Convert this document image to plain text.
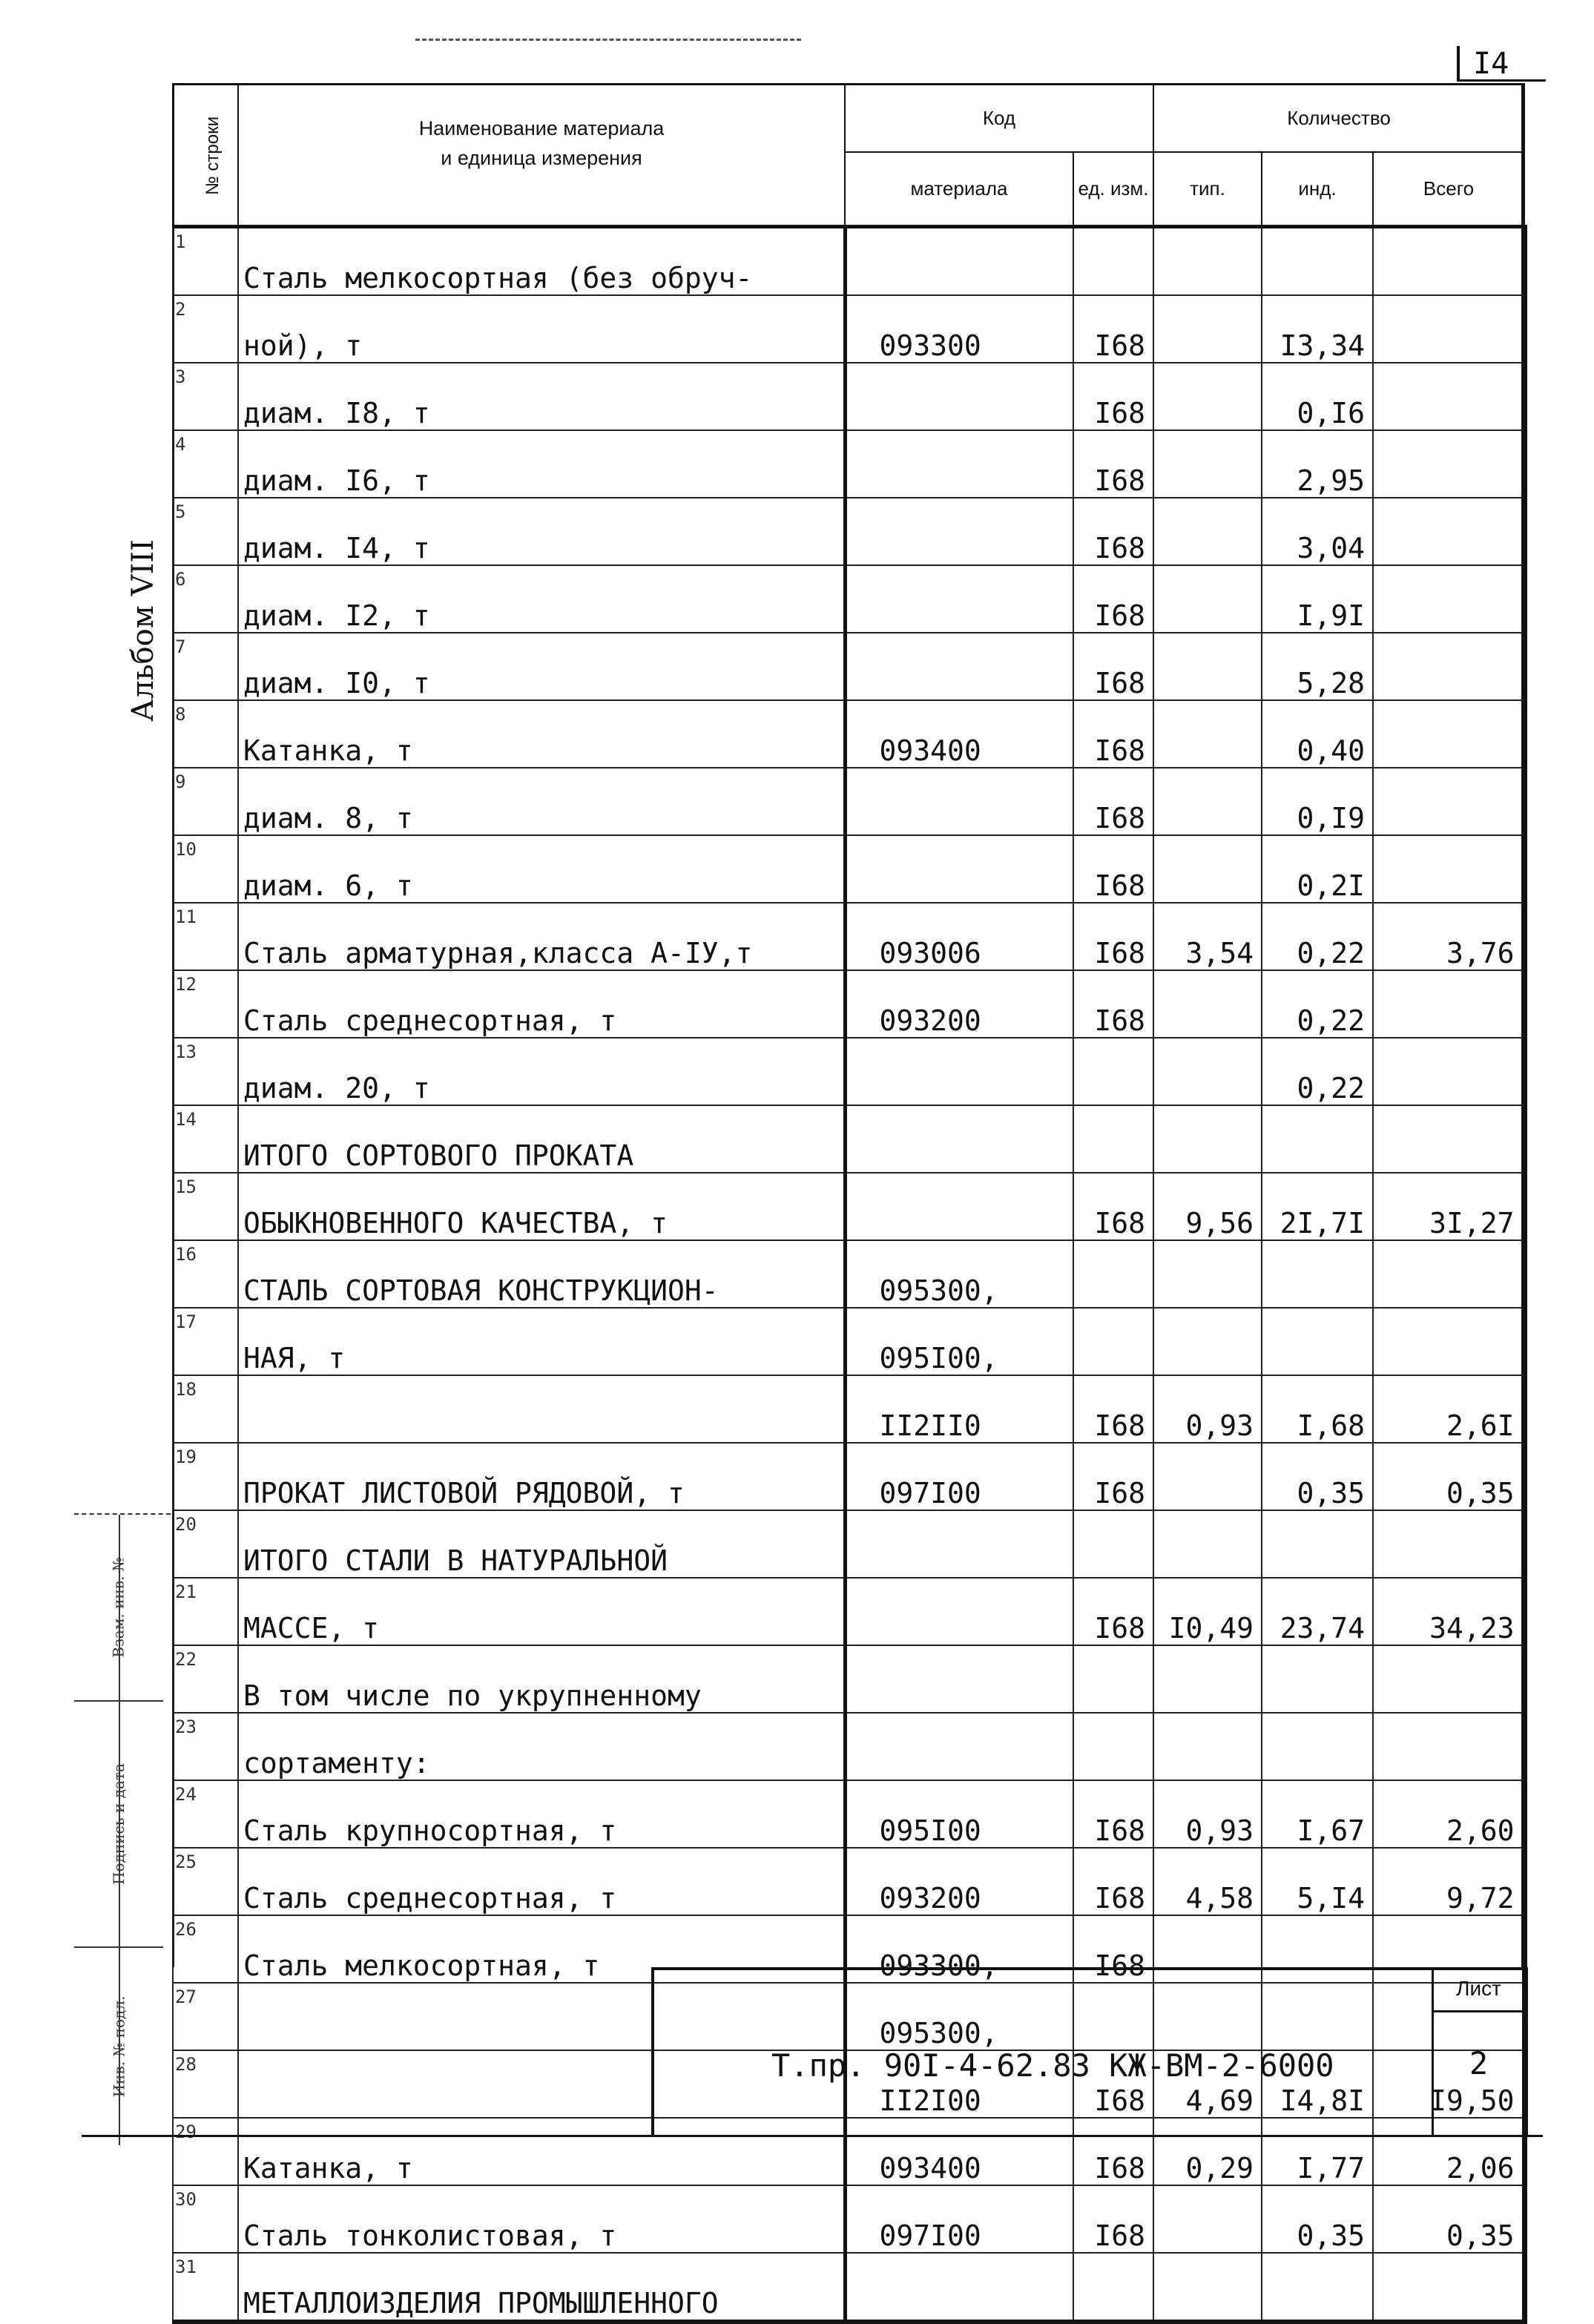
I4
Альбом VIII
№ строки	Наименование материала
и единица измерения	Код		Количество		
		материала	ед. изм.	тип.	инд.	Всего
1	Сталь мелкосортная (без обруч-					
2	ной), т	093300	I68		I3,34	
3	диам. I8, т		I68		0,I6	
4	диам. I6, т		I68		2,95	
5	диам. I4, т		I68		3,04	
6	диам. I2, т		I68		I,9I	
7	диам. I0, т		I68		5,28	
8	Катанка, т	093400	I68		0,40	
9	диам. 8, т		I68		0,I9	
10	диам. 6, т		I68		0,2I	
11	Сталь арматурная,класса А-IУ,т	093006	I68	3,54	0,22	3,76
12	Сталь среднесортная, т	093200	I68		0,22	
13	диам. 20, т				0,22	
14	ИТОГО СОРТОВОГО ПРОКАТА					
15	ОБЫКНОВЕННОГО КАЧЕСТВА, т		I68	9,56	2I,7I	3I,27
16	СТАЛЬ СОРТОВАЯ КОНСТРУКЦИОН-	095300,				
17	НАЯ, т	095I00,				
18		II2II0	I68	0,93	I,68	2,6I
19	ПРОКАТ ЛИСТОВОЙ РЯДОВОЙ, т	097I00	I68		0,35	0,35
20	ИТОГО СТАЛИ В НАТУРАЛЬНОЙ					
21	МАССЕ, т		I68	I0,49	23,74	34,23
22	В том числе по укрупненному					
23	сортаменту:					
24	Сталь крупносортная, т	095I00	I68	0,93	I,67	2,60
25	Сталь среднесортная, т	093200	I68	4,58	5,I4	9,72
26	Сталь мелкосортная, т	093300,	I68			
27		095300,				
28		II2I00	I68	4,69	I4,8I	I9,50
29	Катанка, т	093400	I68	0,29	I,77	2,06
30	Сталь тонколистовая, т	097I00	I68		0,35	0,35
31	МЕТАЛЛОИЗДЕЛИЯ ПРОМЫШЛЕННОГО					
Взам. инв. №
Подпись и дата
Инв. № подл.	Т.пр. 90I-4-62.83 КЖ-ВМ-2-6000
Лист
2
